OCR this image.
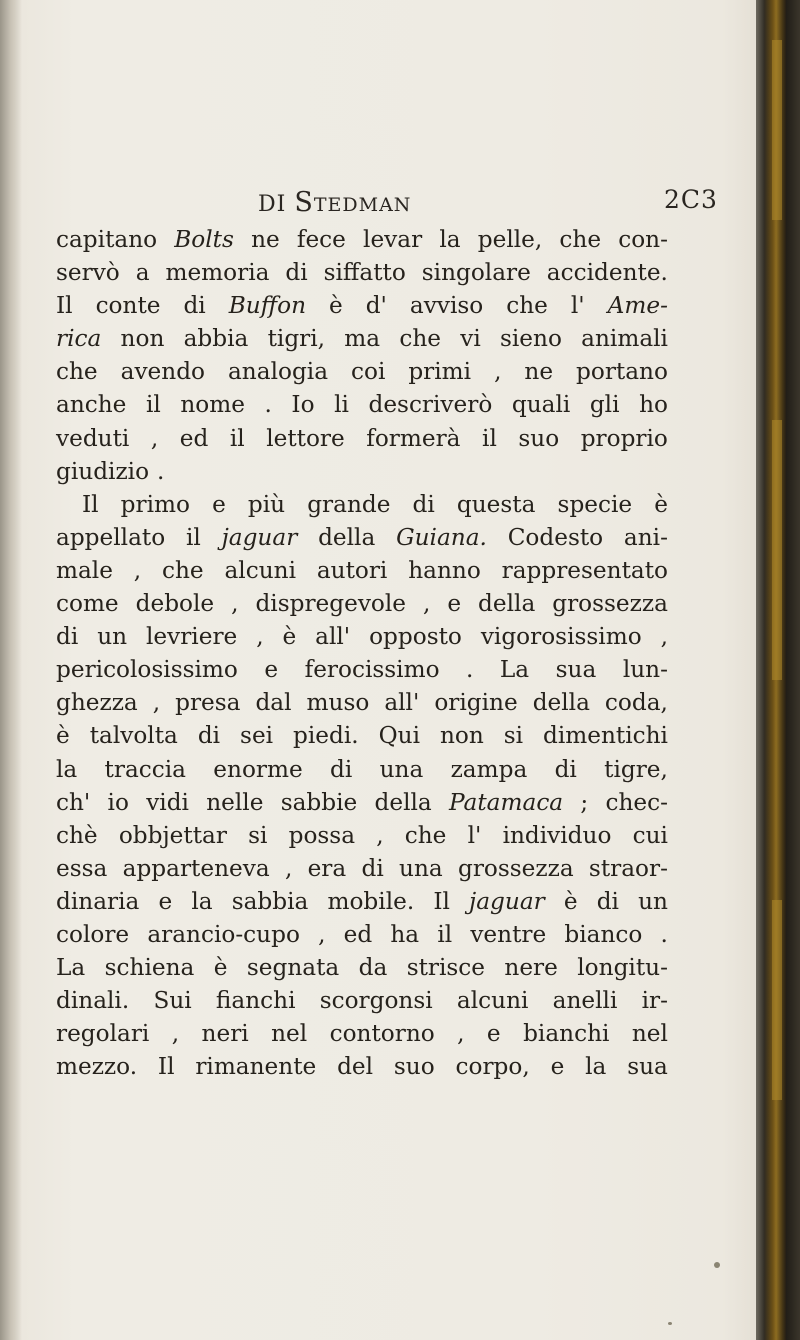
DI Stedman	2C3
capitano Bolts ne fece levar la pelle, che con-
servò a memoria di siffatto singolare accidente.
Il conte di Buffon è d' avviso che l' Ame-
rica non abbia tigri, ma che vi sieno animali
che avendo analogia coi primi , ne portano
anche il nome . Io li descriverò quali gli ho
veduti , ed il lettore formerà il suo proprio
giudizio .
Il primo e più grande di questa specie è
appellato il jaguar della Guiana. Codesto ani-
male , che alcuni autori hanno rappresentato
come debole , dispregevole , e della grossezza
di un levriere , è all' opposto vigorosissimo ,
pericolosissimo e ferocissimo . La sua lun-
ghezza , presa dal muso all' origine della coda,
è talvolta di sei piedi. Qui non si dimentichi
la traccia enorme di una zampa di tigre,
ch' io vidi nelle sabbie della Patamaca ; chec-
chè obbjettar si possa , che l' individuo cui
essa apparteneva , era di una grossezza straor-
dinaria e la sabbia mobile. Il jaguar è di un
colore arancio-cupo , ed ha il ventre bianco .
La schiena è segnata da strisce nere longitu-
dinali. Sui fianchi scorgonsi alcuni anelli ir-
regolari , neri nel contorno , e bianchi nel
mezzo. Il rimanente del suo corpo, e la sua
